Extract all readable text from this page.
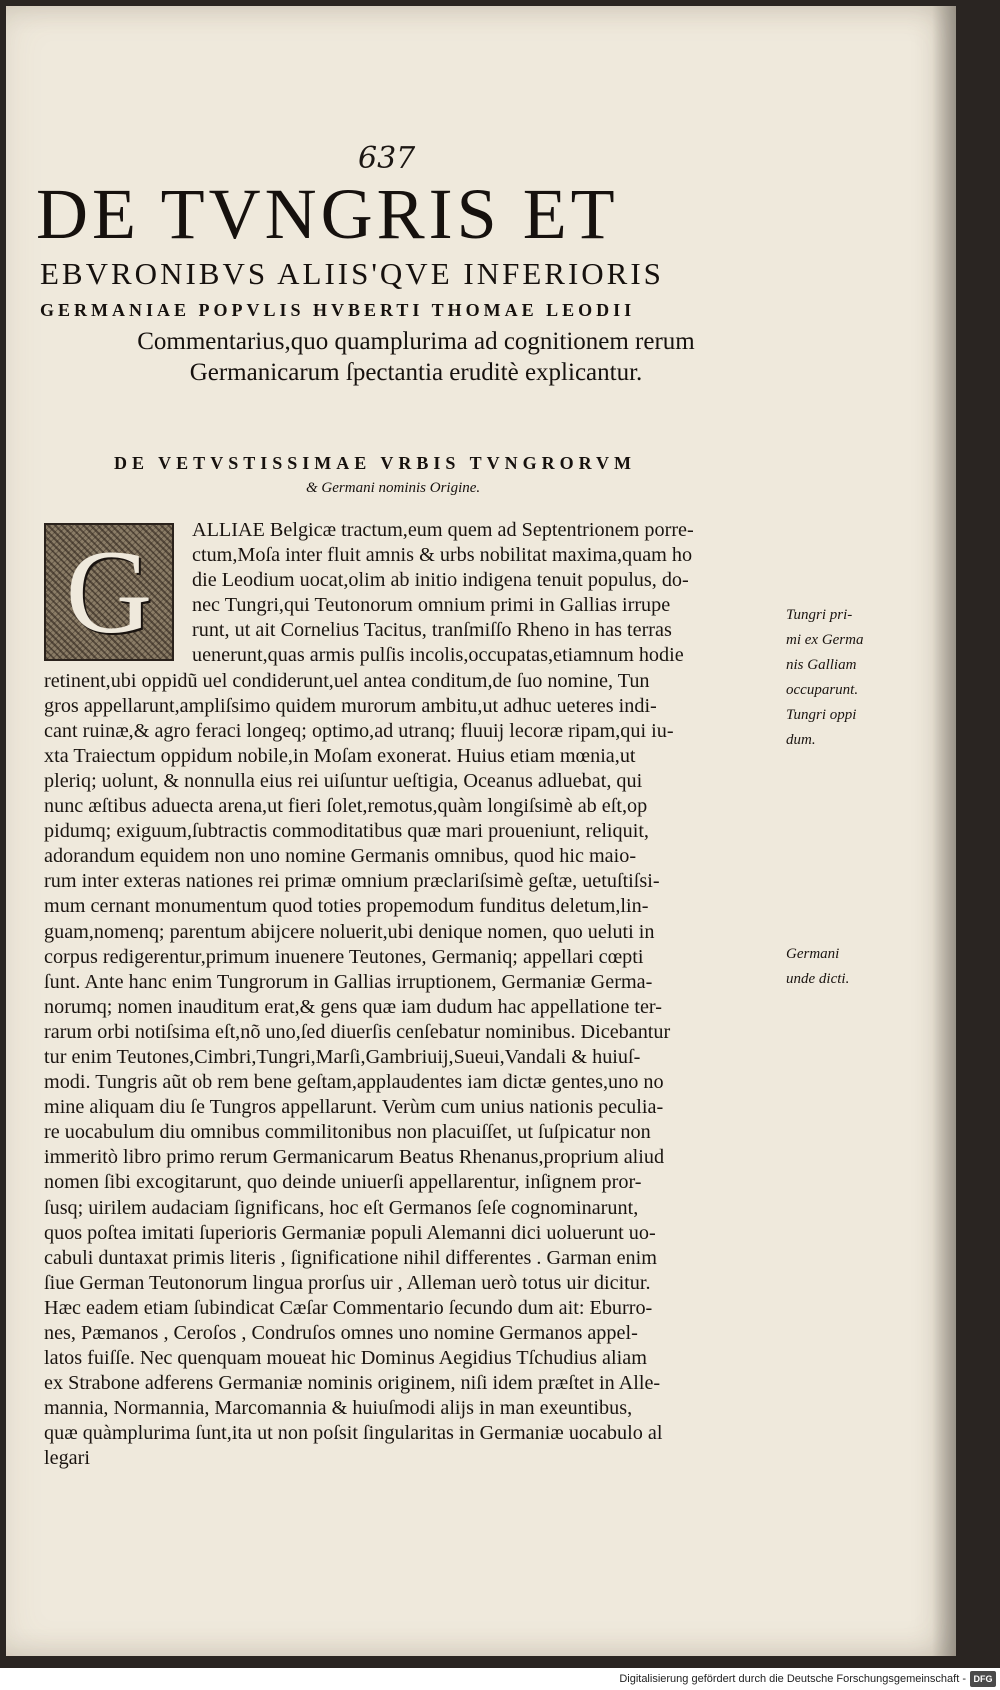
637
DE TVNGRIS ET
EBVRONIBVS ALIIS'QVE INFERIORIS
GERMANIAE POPVLIS HVBERTI THOMAE LEODII
Commentarius,quo quamplurima ad cognitionem rerum Germanicarum ſpectantia eruditè explicantur.
DE VETVSTISSIMAE VRBIS TVNGRORVM
& Germani nominis Origine.
G	ALLIAE Belgicæ tractum,eum quem ad Septentrionem porre-
ctum,Moſa inter fluit amnis & urbs nobilitat maxima,quam ho
die Leodium uocat,olim ab initio indigena tenuit populus, do-
nec Tungri,qui Teutonorum omnium primi in Gallias irrupe
runt, ut ait Cornelius Tacitus, tranſmiſſo Rheno in has terras
uenerunt,quas armis pulſis incolis,occupatas,etiamnum hodie
retinent,ubi oppidũ uel condiderunt,uel antea conditum,de ſuo nomine, Tun
gros appellarunt,ampliſsimo quidem murorum ambitu,ut adhuc ueteres indi-
cant ruinæ,& agro feraci longeq; optimo,ad utranq; fluuij lecoræ ripam,qui iu-
xta Traiectum oppidum nobile,in Moſam exonerat. Huius etiam mœnia,ut
pleriq; uolunt, & nonnulla eius rei uiſuntur ueſtigia, Oceanus adluebat, qui
nunc æſtibus aduecta arena,ut fieri ſolet,remotus,quàm longiſsimè ab eſt,op
pidumq; exiguum,ſubtractis commoditatibus quæ mari proueniunt, reliquit,
adorandum equidem non uno nomine Germanis omnibus, quod hic maio-
rum inter exteras nationes rei primæ omnium præclariſsimè geſtæ, uetuſtiſsi-
mum cernant monumentum quod toties propemodum funditus deletum,lin-
guam,nomenq; parentum abijcere noluerit,ubi denique nomen, quo ueluti in
corpus redigerentur,primum inuenere Teutones, Germaniq; appellari cœpti
ſunt. Ante hanc enim Tungrorum in Gallias irruptionem, Germaniæ Germa-
norumq; nomen inauditum erat,& gens quæ iam dudum hac appellatione ter-
rarum orbi notiſsima eſt,nõ uno,ſed diuerſis cenſebatur nominibus. Dicebantur
tur enim Teutones,Cimbri,Tungri,Marſi,Gambriuij,Sueui,Vandali & huiuſ-
modi. Tungris aũt ob rem bene geſtam,applaudentes iam dictæ gentes,uno no
mine aliquam diu ſe Tungros appellarunt. Verùm cum unius nationis peculia-
re uocabulum diu omnibus commilitonibus non placuiſſet, ut ſuſpicatur non
immeritò libro primo rerum Germanicarum Beatus Rhenanus,proprium aliud
nomen ſibi excogitarunt, quo deinde uniuerſi appellarentur, inſignem pror-
ſusq; uirilem audaciam ſignificans, hoc eſt Germanos ſeſe cognominarunt,
quos poſtea imitati ſuperioris Germaniæ populi Alemanni dici uoluerunt uo-
cabuli duntaxat primis literis , ſignificatione nihil differentes . Garman enim
ſiue German Teutonorum lingua prorſus uir , Alleman uerò totus uir dicitur.
Hæc eadem etiam ſubindicat Cæſar Commentario ſecundo dum ait: Eburro-
nes, Pæmanos , Ceroſos , Condruſos omnes uno nomine Germanos appel-
latos fuiſſe. Nec quenquam moueat hic Dominus Aegidius Tſchudius aliam
ex Strabone adferens Germaniæ nominis originem, niſi idem præſtet in Alle-
mannia, Normannia, Marcomannia & huiuſmodi alijs in man exeuntibus,
quæ quàmplurima ſunt,ita ut non poſsit ſingularitas in Germaniæ uocabulo al
legari
Tungri pri-
mi ex Germa
nis Galliam
occuparunt.
Tungri oppi
dum.
Germani
unde dicti.
Digitalisierung gefördert durch die Deutsche Forschungsgemeinschaft - DFG
